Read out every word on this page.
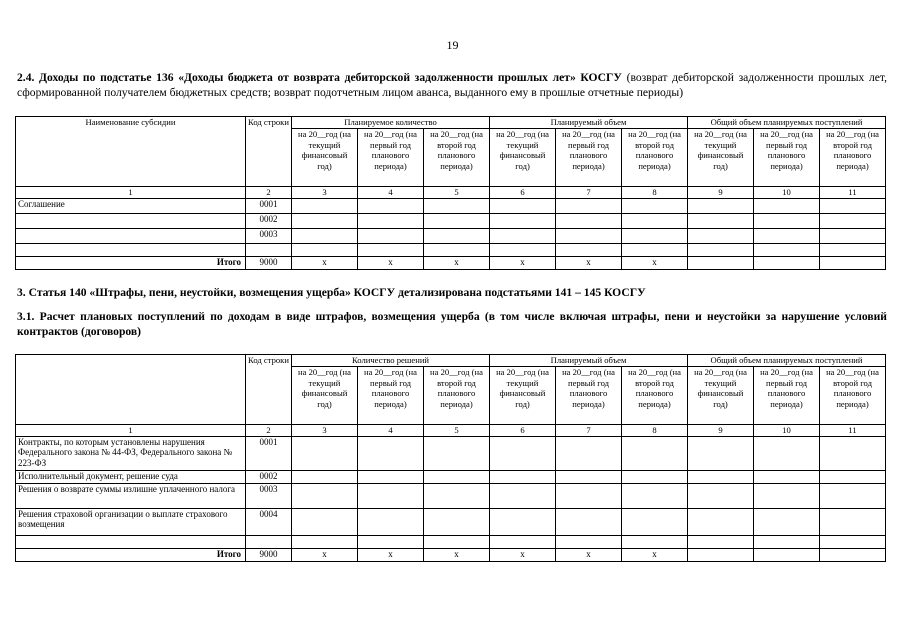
19
2.4. Доходы по подстатье 136 «Доходы бюджета от возврата дебиторской задолженности прошлых лет» КОСГУ (возврат дебиторской задолженности прошлых лет, сформированной получателем бюджетных средств; возврат подотчетным лицом аванса, выданного ему в прошлые отчетные периоды)
Наименование субсидии	Код строки	Планируемое количество			Планируемый объем			Общий объем планируемых поступлений		
		на 20__год (на текущий финансовый год)	на 20__год (на первый год планового периода)	на 20__год (на второй год планового периода)	на 20__год (на текущий финансовый год)	на 20__год (на первый год планового периода)	на 20__год (на второй год планового периода)	на 20__год (на текущий финансовый год)	на 20__год (на первый год планового периода)	на 20__год (на второй год планового периода)
1	2	3	4	5	6	7	8	9	10	11
Соглашение	0001									
	0002									
	0003									

Итого	9000	x	x	x	x	x	x			
3. Статья 140 «Штрафы, пени, неустойки, возмещения ущерба» КОСГУ детализирована подстатьями 141 – 145 КОСГУ
3.1. Расчет плановых поступлений по доходам в виде штрафов, возмещения ущерба (в том числе включая штрафы, пени и неустойки за нарушение условий контрактов (договоров)
	Код строки	Количество решений			Планируемый объем			Общий объем планируемых поступлений		
		на 20__год (на текущий финансовый год)	на 20__год (на первый год планового периода)	на 20__год (на второй год планового периода)	на 20__год (на текущий финансовый год)	на 20__год (на первый год планового периода)	на 20__год (на второй год планового периода)	на 20__год (на текущий финансовый год)	на 20__год (на первый год планового периода)	на 20__год (на второй год планового периода)
1	2	3	4	5	6	7	8	9	10	11
Контракты, по которым установлены нарушения Федерального закона № 44-ФЗ, Федерального закона № 223-ФЗ	0001									
Исполнительный документ, решение суда	0002									
Решения о возврате суммы излишне уплаченного налога	0003									
Решения страховой организации о выплате страхового возмещения	0004									

Итого	9000	x	x	x	x	x	x			
